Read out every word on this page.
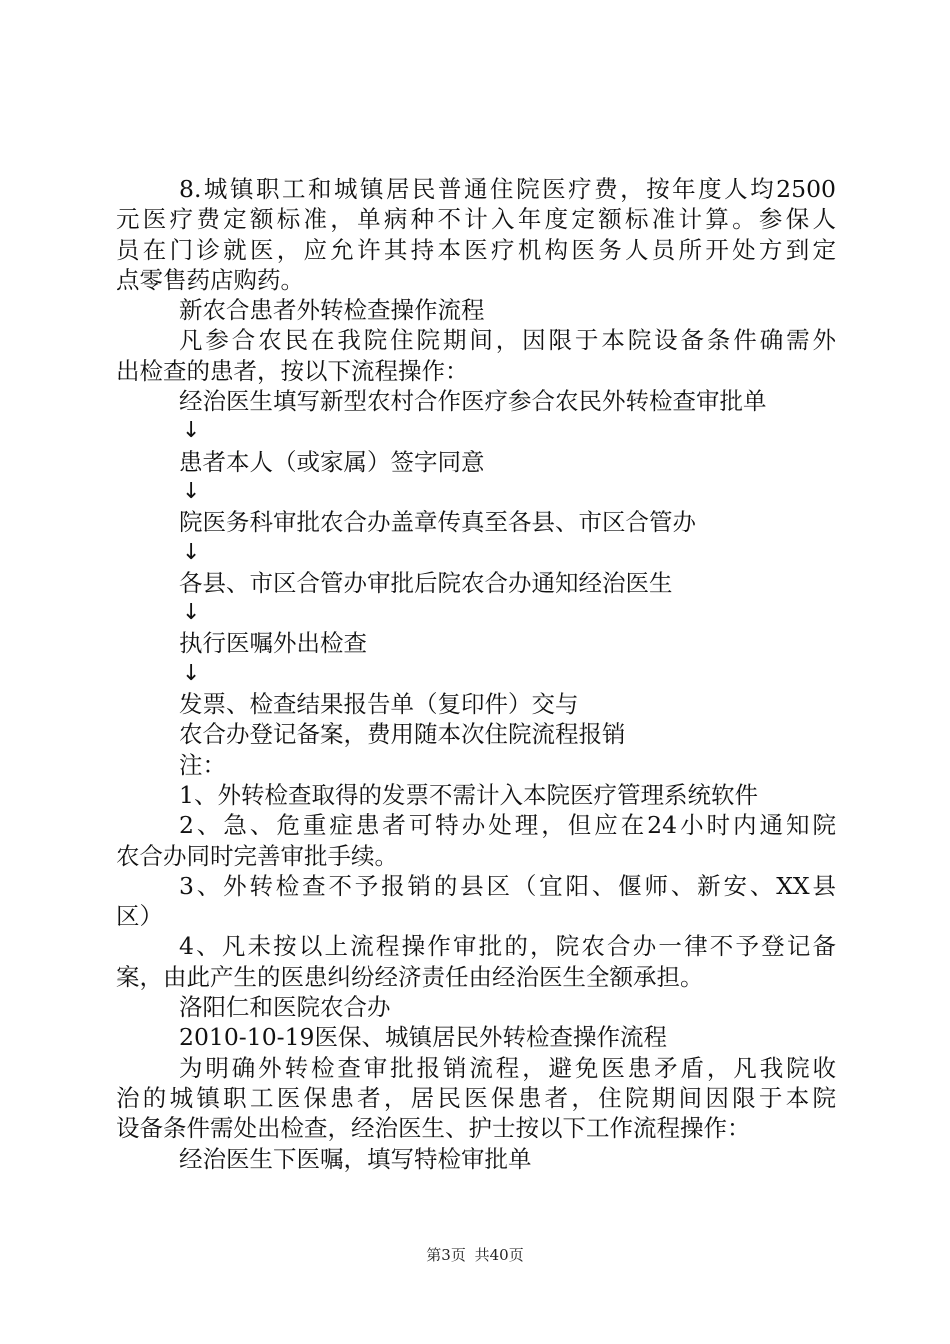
8.城镇职工和城镇居民普通住院医疗费，按年度人均2500
元医疗费定额标准，单病种不计入年度定额标准计算。参保人
员在门诊就医，应允许其持本医疗机构医务人员所开处方到定
点零售药店购药。
新农合患者外转检查操作流程
凡参合农民在我院住院期间，因限于本院设备条件确需外
出检查的患者，按以下流程操作：
经治医生填写新型农村合作医疗参合农民外转检查审批单
↓
患者本人（或家属）签字同意
↓
院医务科审批农合办盖章传真至各县、市区合管办
↓
各县、市区合管办审批后院农合办通知经治医生
↓
执行医嘱外出检查
↓
发票、检查结果报告单（复印件）交与
农合办登记备案，费用随本次住院流程报销
注：
1、外转检查取得的发票不需计入本院医疗管理系统软件
2、急、危重症患者可特办处理，但应在24小时内通知院
农合办同时完善审批手续。
3、外转检查不予报销的县区（宜阳、偃师、新安、XX县
区）
4、凡未按以上流程操作审批的，院农合办一律不予登记备
案，由此产生的医患纠纷经济责任由经治医生全额承担。
洛阳仁和医院农合办
2010-10-19医保、城镇居民外转检查操作流程
为明确外转检查审批报销流程，避免医患矛盾，凡我院收
治的城镇职工医保患者，居民医保患者，住院期间因限于本院
设备条件需处出检查，经治医生、护士按以下工作流程操作：
经治医生下医嘱，填写特检审批单
第3页 共40页
